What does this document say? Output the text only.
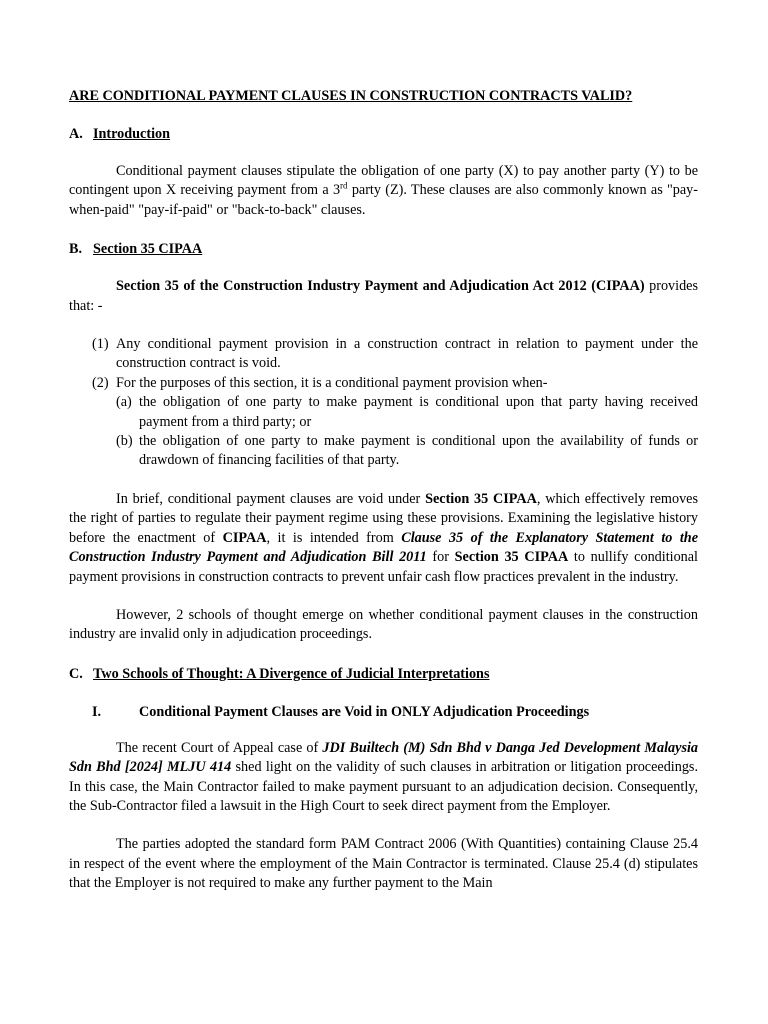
ARE CONDITIONAL PAYMENT CLAUSES IN CONSTRUCTION CONTRACTS VALID?

A. Introduction

Conditional payment clauses stipulate the obligation of one party (X) to pay another party (Y) to be contingent upon X receiving payment from a 3rd party (Z). These clauses are also commonly known as "pay-when-paid" "pay-if-paid" or "back-to-back" clauses.

B. Section 35 CIPAA

Section 35 of the Construction Industry Payment and Adjudication Act 2012 (CIPAA) provides that: -

(1) Any conditional payment provision in a construction contract in relation to payment under the construction contract is void.
(2) For the purposes of this section, it is a conditional payment provision when-
(a) the obligation of one party to make payment is conditional upon that party having received payment from a third party; or
(b) the obligation of one party to make payment is conditional upon the availability of funds or drawdown of financing facilities of that party.

In brief, conditional payment clauses are void under Section 35 CIPAA, which effectively removes the right of parties to regulate their payment regime using these provisions. Examining the legislative history before the enactment of CIPAA, it is intended from Clause 35 of the Explanatory Statement to the Construction Industry Payment and Adjudication Bill 2011 for Section 35 CIPAA to nullify conditional payment provisions in construction contracts to prevent unfair cash flow practices prevalent in the industry.

However, 2 schools of thought emerge on whether conditional payment clauses in the construction industry are invalid only in adjudication proceedings.

C. Two Schools of Thought: A Divergence of Judicial Interpretations
I.	Conditional Payment Clauses are Void in ONLY Adjudication Proceedings

The recent Court of Appeal case of JDI Builtech (M) Sdn Bhd v Danga Jed Development Malaysia Sdn Bhd [2024] MLJU 414 shed light on the validity of such clauses in arbitration or litigation proceedings. In this case, the Main Contractor failed to make payment pursuant to an adjudication decision. Consequently, the Sub-Contractor filed a lawsuit in the High Court to seek direct payment from the Employer.

The parties adopted the standard form PAM Contract 2006 (With Quantities) containing Clause 25.4 in respect of the event where the employment of the Main Contractor is terminated. Clause 25.4 (d) stipulates that the Employer is not required to make any further payment to the Main
